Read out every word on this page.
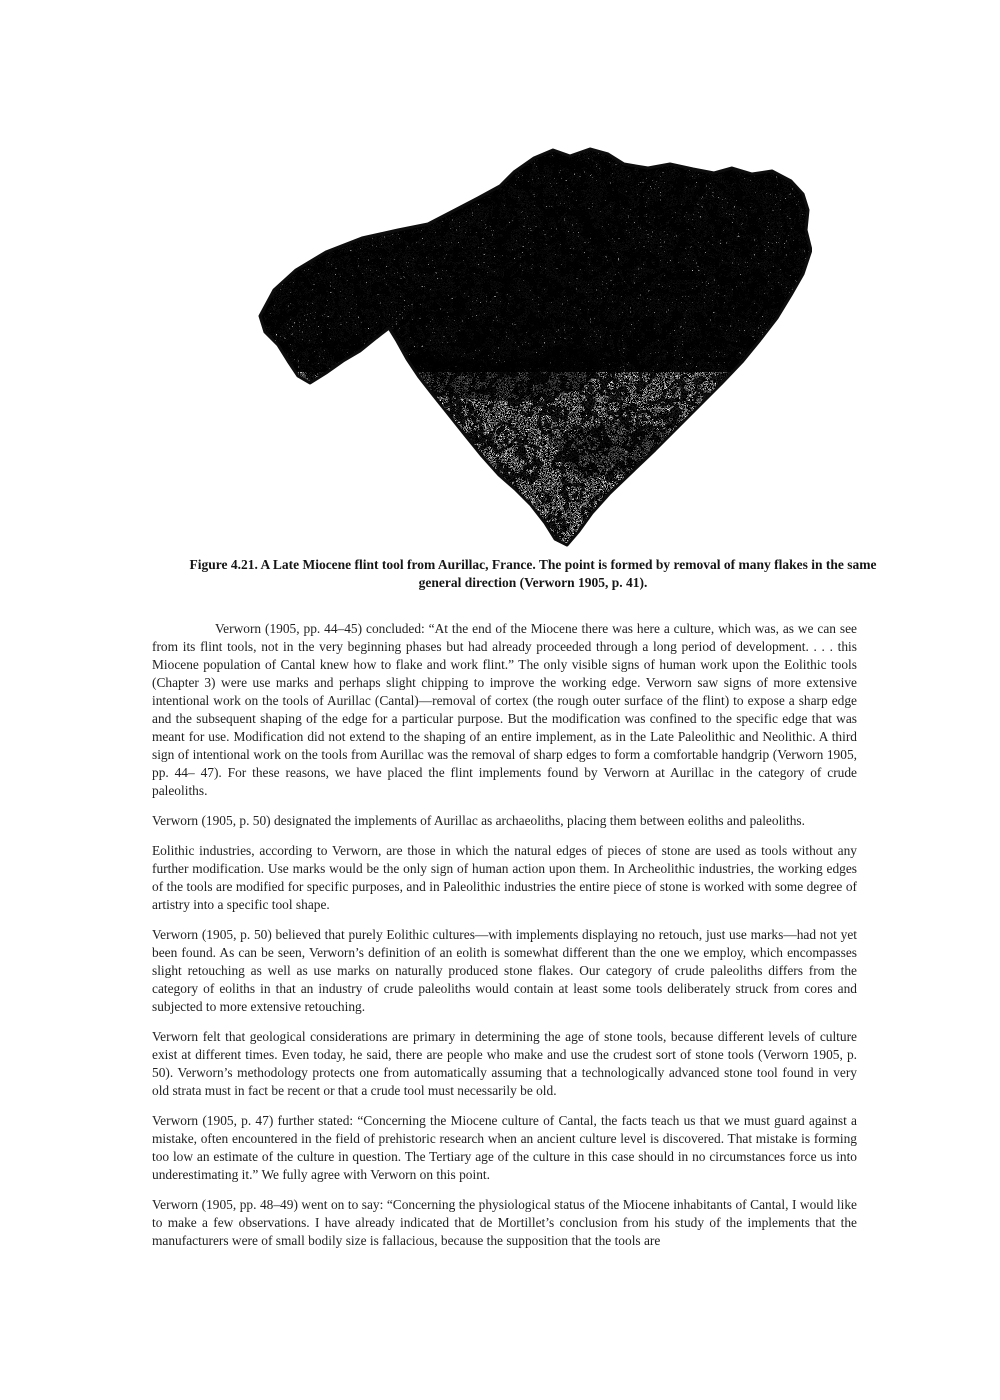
Figure 4.21. A Late Miocene flint tool from Aurillac, France. The point is formed by removal of many flakes in the same general direction (Verworn 1905, p. 41).

Verworn (1905, pp. 44–45) concluded: “At the end of the Miocene there was here a culture, which was, as we can see from its flint tools, not in the very beginning phases but had already proceeded through a long period of development. . . . this Miocene population of Cantal knew how to flake and work flint.” The only visible signs of human work upon the Eolithic tools (Chapter 3) were use marks and perhaps slight chipping to improve the working edge. Verworn saw signs of more extensive intentional work on the tools of Aurillac (Cantal)—removal of cortex (the rough outer surface of the flint) to expose a sharp edge and the subsequent shaping of the edge for a particular purpose. But the modification was confined to the specific edge that was meant for use. Modification did not extend to the shaping of an entire implement, as in the Late Paleolithic and Neolithic. A third sign of intentional work on the tools from Aurillac was the removal of sharp edges to form a comfortable handgrip (Verworn 1905, pp. 44– 47). For these reasons, we have placed the flint implements found by Verworn at Aurillac in the category of crude paleoliths.

Verworn (1905, p. 50) designated the implements of Aurillac as archaeoliths, placing them between eoliths and paleoliths.

Eolithic industries, according to Verworn, are those in which the natural edges of pieces of stone are used as tools without any further modification. Use marks would be the only sign of human action upon them. In Archeolithic industries, the working edges of the tools are modified for specific purposes, and in Paleolithic industries the entire piece of stone is worked with some degree of artistry into a specific tool shape.

Verworn (1905, p. 50) believed that purely Eolithic cultures—with implements displaying no retouch, just use marks—had not yet been found. As can be seen, Verworn’s definition of an eolith is somewhat different than the one we employ, which encompasses slight retouching as well as use marks on naturally produced stone flakes. Our category of crude paleoliths differs from the category of eoliths in that an industry of crude paleoliths would contain at least some tools deliberately struck from cores and subjected to more extensive retouching.

Verworn felt that geological considerations are primary in determining the age of stone tools, because different levels of culture exist at different times. Even today, he said, there are people who make and use the crudest sort of stone tools (Verworn 1905, p. 50). Verworn’s methodology protects one from automatically assuming that a technologically advanced stone tool found in very old strata must in fact be recent or that a crude tool must necessarily be old.

Verworn (1905, p. 47) further stated: “Concerning the Miocene culture of Cantal, the facts teach us that we must guard against a mistake, often encountered in the field of prehistoric research when an ancient culture level is discovered. That mistake is forming too low an estimate of the culture in question. The Tertiary age of the culture in this case should in no circumstances force us into underestimating it.” We fully agree with Verworn on this point.

Verworn (1905, pp. 48–49) went on to say: “Concerning the physiological status of the Miocene inhabitants of Cantal, I would like to make a few observations. I have already indicated that de Mortillet’s conclusion from his study of the implements that the manufacturers were of small bodily size is fallacious, because the supposition that the tools are
